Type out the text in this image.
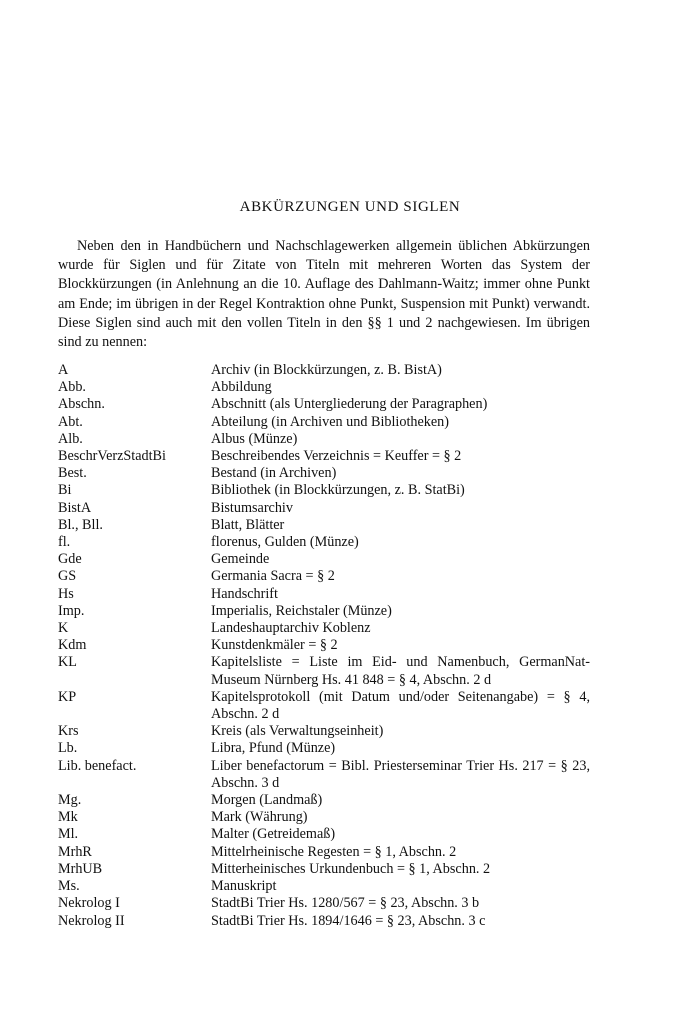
ABKÜRZUNGEN UND SIGLEN

Neben den in Handbüchern und Nachschlagewerken allgemein üblichen Abkürzungen wurde für Siglen und für Zitate von Titeln mit mehreren Worten das System der Blockkürzungen (in Anlehnung an die 10. Auflage des Dahlmann-Waitz; immer ohne Punkt am Ende; im übrigen in der Regel Kontraktion ohne Punkt, Suspension mit Punkt) verwandt. Diese Siglen sind auch mit den vollen Titeln in den §§ 1 und 2 nachgewiesen. Im übrigen sind zu nennen:

A	Archiv (in Blockkürzungen, z. B. BistA)
Abb.	Abbildung
Abschn.	Abschnitt (als Untergliederung der Paragraphen)
Abt.	Abteilung (in Archiven und Bibliotheken)
Alb.	Albus (Münze)
BeschrVerzStadtBi	Beschreibendes Verzeichnis = Keuffer = § 2
Best.	Bestand (in Archiven)
Bi	Bibliothek (in Blockkürzungen, z. B. StatBi)
BistA	Bistumsarchiv
Bl., Bll.	Blatt, Blätter
fl.	florenus, Gulden (Münze)
Gde	Gemeinde
GS	Germania Sacra = § 2
Hs	Handschrift
Imp.	Imperialis, Reichstaler (Münze)
K	Landeshauptarchiv Koblenz
Kdm	Kunstdenkmäler = § 2
KL	Kapitelsliste = Liste im Eid- und Namenbuch, GermanNat-Museum Nürnberg Hs. 41 848 = § 4, Abschn. 2 d
KP	Kapitelsprotokoll (mit Datum und/oder Seitenangabe) = § 4, Abschn. 2 d
Krs	Kreis (als Verwaltungseinheit)
Lb.	Libra, Pfund (Münze)
Lib. benefact.	Liber benefactorum = Bibl. Priesterseminar Trier Hs. 217 = § 23, Abschn. 3 d
Mg.	Morgen (Landmaß)
Mk	Mark (Währung)
Ml.	Malter (Getreidemaß)
MrhR	Mittelrheinische Regesten = § 1, Abschn. 2
MrhUB	Mitterheinisches Urkundenbuch = § 1, Abschn. 2
Ms.	Manuskript
Nekrolog I	StadtBi Trier Hs. 1280/567 = § 23, Abschn. 3 b
Nekrolog II	StadtBi Trier Hs. 1894/1646 = § 23, Abschn. 3 c
